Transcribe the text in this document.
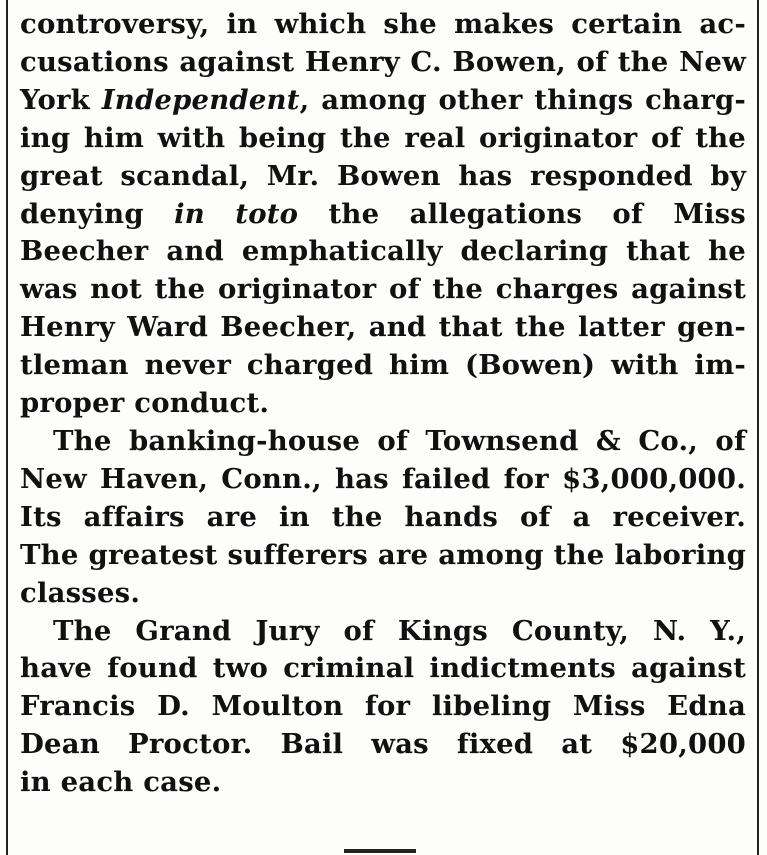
controversy, in which she makes certain ac-
cusations against Henry C. Bowen, of the New
York Independent, among other things charg-
ing him with being the real originator of the
great scandal, Mr. Bowen has responded by
denying in toto the allegations of Miss
Beecher and emphatically declaring that he
was not the originator of the charges against
Henry Ward Beecher, and that the latter gen-
tleman never charged him (Bowen) with im-
proper conduct.
The banking-house of Townsend & Co., of
New Haven, Conn., has failed for $3,000,000.
Its affairs are in the hands of a receiver.
The greatest sufferers are among the laboring
classes.
The Grand Jury of Kings County, N. Y.,
have found two criminal indictments against
Francis D. Moulton for libeling Miss Edna
Dean Proctor. Bail was fixed at $20,000
in each case.
